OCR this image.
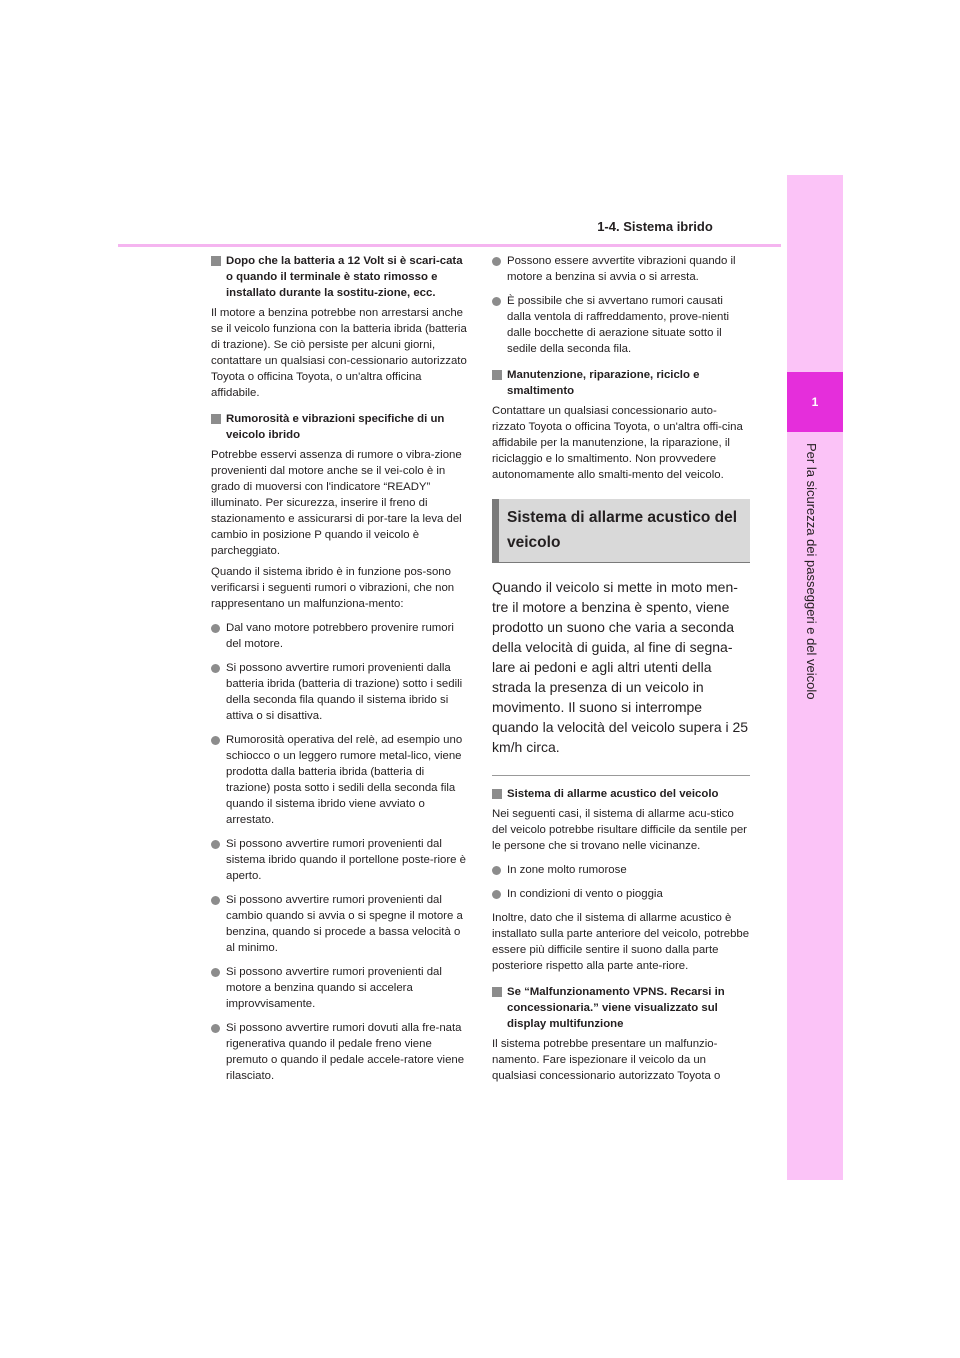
1-4. Sistema ibrido
1
Per la sicurezza dei passeggeri e del veicolo
Dopo che la batteria a 12 Volt si è scari-cata o quando il terminale è stato rimosso e installato durante la sostitu-zione, ecc.
Il motore a benzina potrebbe non arrestarsi anche se il veicolo funziona con la batteria ibrida (batteria di trazione). Se ciò persiste per alcuni giorni, contattare un qualsiasi con-cessionario autorizzato Toyota o officina Toyota, o un'altra officina affidabile.
Rumorosità e vibrazioni specifiche di un veicolo ibrido
Potrebbe esservi assenza di rumore o vibra-zione provenienti dal motore anche se il vei-colo è in grado di muoversi con l'indicatore “READY” illuminato. Per sicurezza, inserire il freno di stazionamento e assicurarsi di por-tare la leva del cambio in posizione P quando il veicolo è parcheggiato.
Quando il sistema ibrido è in funzione pos-sono verificarsi i seguenti rumori o vibrazioni, che non rappresentano un malfunziona-mento:
Dal vano motore potrebbero provenire rumori del motore.
Si possono avvertire rumori provenienti dalla batteria ibrida (batteria di trazione) sotto i sedili della seconda fila quando il sistema ibrido si attiva o si disattiva.
Rumorosità operativa del relè, ad esempio uno schiocco o un leggero rumore metal-lico, viene prodotta dalla batteria ibrida (batteria di trazione) posta sotto i sedili della seconda fila quando il sistema ibrido viene avviato o arrestato.
Si possono avvertire rumori provenienti dal sistema ibrido quando il portellone poste-riore è aperto.
Si possono avvertire rumori provenienti dal cambio quando si avvia o si spegne il motore a benzina, quando si procede a bassa velocità o al minimo.
Si possono avvertire rumori provenienti dal motore a benzina quando si accelera improvvisamente.
Si possono avvertire rumori dovuti alla fre-nata rigenerativa quando il pedale freno viene premuto o quando il pedale accele-ratore viene rilasciato.
Possono essere avvertite vibrazioni quando il motore a benzina si avvia o si arresta.
È possibile che si avvertano rumori causati dalla ventola di raffreddamento, prove-nienti dalle bocchette di aerazione situate sotto il sedile della seconda fila.
Manutenzione, riparazione, riciclo e smaltimento
Contattare un qualsiasi concessionario auto-rizzato Toyota o officina Toyota, o un'altra offi-cina affidabile per la manutenzione, la riparazione, il riciclaggio e lo smaltimento. Non provvedere autonomamente allo smalti-mento del veicolo.
Sistema di allarme acustico del veicolo
Quando il veicolo si mette in moto men-tre il motore a benzina è spento, viene prodotto un suono che varia a seconda della velocità di guida, al fine di segna-lare ai pedoni e agli altri utenti della strada la presenza di un veicolo in movimento. Il suono si interrompe quando la velocità del veicolo supera i 25 km/h circa.
Sistema di allarme acustico del veicolo
Nei seguenti casi, il sistema di allarme acu-stico del veicolo potrebbe risultare difficile da sentile per le persone che si trovano nelle vicinanze.
In zone molto rumorose
In condizioni di vento o pioggia
Inoltre, dato che il sistema di allarme acustico è installato sulla parte anteriore del veicolo, potrebbe essere più difficile sentire il suono dalla parte posteriore rispetto alla parte ante-riore.
Se “Malfunzionamento VPNS. Recarsi in concessionaria.” viene visualizzato sul display multifunzione
Il sistema potrebbe presentare un malfunzio-namento. Fare ispezionare il veicolo da un qualsiasi concessionario autorizzato Toyota o
